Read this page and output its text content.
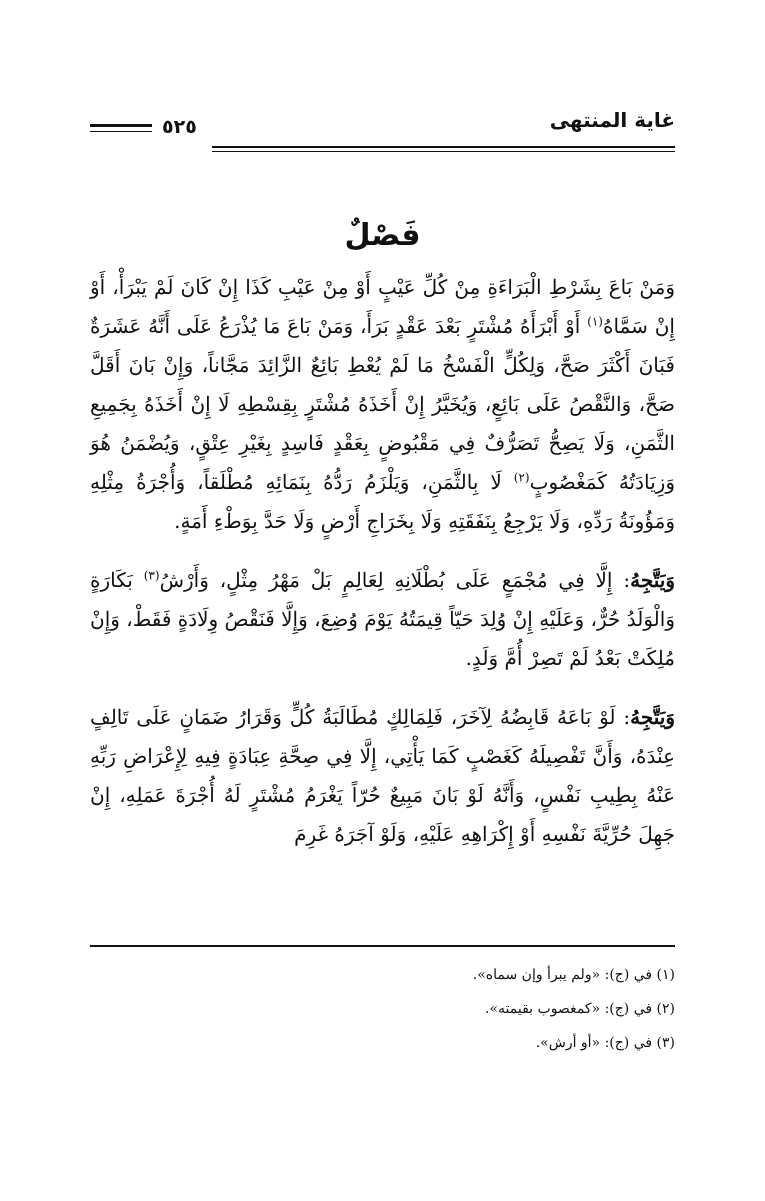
غاية المنتهى
٥٢٥
فَصْلٌ

وَمَنْ بَاعَ بِشَرْطِ الْبَرَاءَةِ مِنْ كُلِّ عَيْبٍ أَوْ مِنْ عَيْبِ كَذَا إِنْ كَانَ لَمْ يَبْرَأْ، أَوْ إِنْ سَمَّاهُ$^{(١)}$ أَوْ أَبْرَأَهُ مُشْتَرٍ بَعْدَ عَقْدٍ بَرَأَ، وَمَنْ بَاعَ مَا يُذْرَعُ عَلَى أَنَّهُ عَشَرَةٌ فَبَانَ أَكْثَرَ صَحَّ، وَلِكُلٍّ الْفَسْخُ مَا لَمْ يُعْطِ بَائِعٌ الزَّائِدَ مَجَّاناً، وَإِنْ بَانَ أَقَلَّ صَحَّ، وَالنَّقْصُ عَلَى بَائِعٍ، وَيُخَيَّرُ إِنْ أَخَذَهُ مُشْتَرٍ بِقِسْطِهِ لَا إِنْ أَخَذَهُ بِجَمِيعِ الثَّمَنِ، وَلَا يَصِحُّ تَصَرُّفٌ فِي مَقْبُوضٍ بِعَقْدٍ فَاسِدٍ بِغَيْرِ عِتْقٍ، وَيُضْمَنُ هُوَ وَزِيَادَتُهُ كَمَغْصُوبٍ$^{(٢)}$ لَا بِالثَّمَنِ، وَيَلْزَمُ رَدُّهُ بِنَمَائِهِ مُطْلَقاً، وَأُجْرَةُ مِثْلِهِ وَمَؤُونَةُ رَدِّهِ، وَلَا يَرْجِعُ بِنَفَقَتِهِ وَلَا بِخَرَاجِ أَرْضٍ وَلَا حَدَّ بِوَطْءِ أَمَةٍ.

وَيَتَّجِهُ: إِلَّا فِي مُجْمَعٍ عَلَى بُطْلَانِهِ لِعَالِمٍ بَلْ مَهْرُ مِثْلٍ، وَأَرْشُ$^{(٣)}$ بَكَارَةٍ وَالْوَلَدُ حُرٌّ، وَعَلَيْهِ إِنْ وُلِدَ حَيّاً قِيمَتُهُ يَوْمَ وُضِعَ، وَإِلَّا فَنَقْصُ وِلَادَةٍ فَقَطْ، وَإِنْ مُلِكَتْ بَعْدُ لَمْ تَصِرْ أُمَّ وَلَدٍ.

وَيَتَّجِهُ: لَوْ بَاعَهُ قَابِضُهُ لِآخَرَ، فَلِمَالِكٍ مُطَالَبَةُ كُلٍّ وَقَرَارُ ضَمَانٍ عَلَى تَالِفٍ عِنْدَهُ، وَأَنَّ تَفْصِيلَهُ كَغَصْبٍ كَمَا يَأْتِي، إِلَّا فِي صِحَّةِ عِبَادَةٍ فِيهِ لِإِعْرَاضِ رَبِّهِ عَنْهُ بِطِيبِ نَفْسٍ، وَأَنَّهُ لَوْ بَانَ مَبِيعٌ حُرّاً يَغْرَمُ مُشْتَرٍ لَهُ أُجْرَةَ عَمَلِهِ، إِنْ جَهِلَ حُرِّيَّةَ نَفْسِهِ أَوْ إِكْرَاهِهِ عَلَيْهِ، وَلَوْ آجَرَهُ غَرِمَ

(١) في (ج): «ولم يبرأ وإن سماه».
(٢) في (ج): «كمغصوب بقيمته».
(٣) في (ج): «أو أرش».
